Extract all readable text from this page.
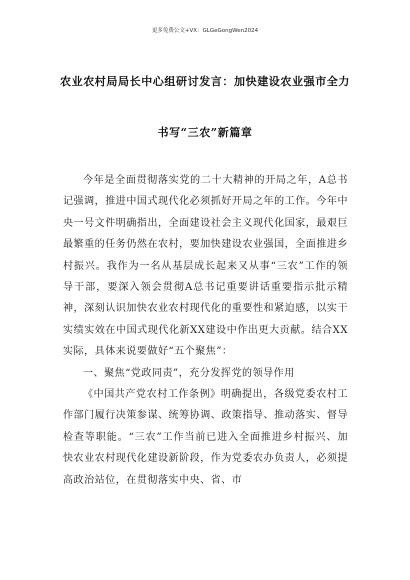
更多免费公文+VX：GLGeGongWen2024
农业农村局局长中心组研讨发言：加快建设农业强市全力
书写“三农”新篇章

今年是全面贯彻落实党的二十大精神的开局之年，A总书记强调，推进中国式现代化必须抓好开局之年的工作。今年中央一号文件明确指出，全面建设社会主义现代化国家，最艰巨最繁重的任务仍然在农村，要加快建设农业强国，全面推进乡村振兴。我作为一名从基层成长起来又从事“三农”工作的领导干部，要深入领会贯彻A总书记重要讲话重要指示批示精神，深刻认识加快农业农村现代化的重要性和紧迫感，以实干实绩实效在中国式现代化新XX建设中作出更大贡献。结合XX实际，具体来说要做好“五个聚焦”：

一、聚焦“党政同责”，充分发挥党的领导作用

《中国共产党农村工作条例》明确提出，各级党委农村工作部门履行决策参谋、统筹协调、政策指导、推动落实、督导检查等职能。“三农”工作当前已进入全面推进乡村振兴、加快农业农村现代化建设新阶段，作为党委农办负责人，必须提高政治站位，在贯彻落实中央、省、市
